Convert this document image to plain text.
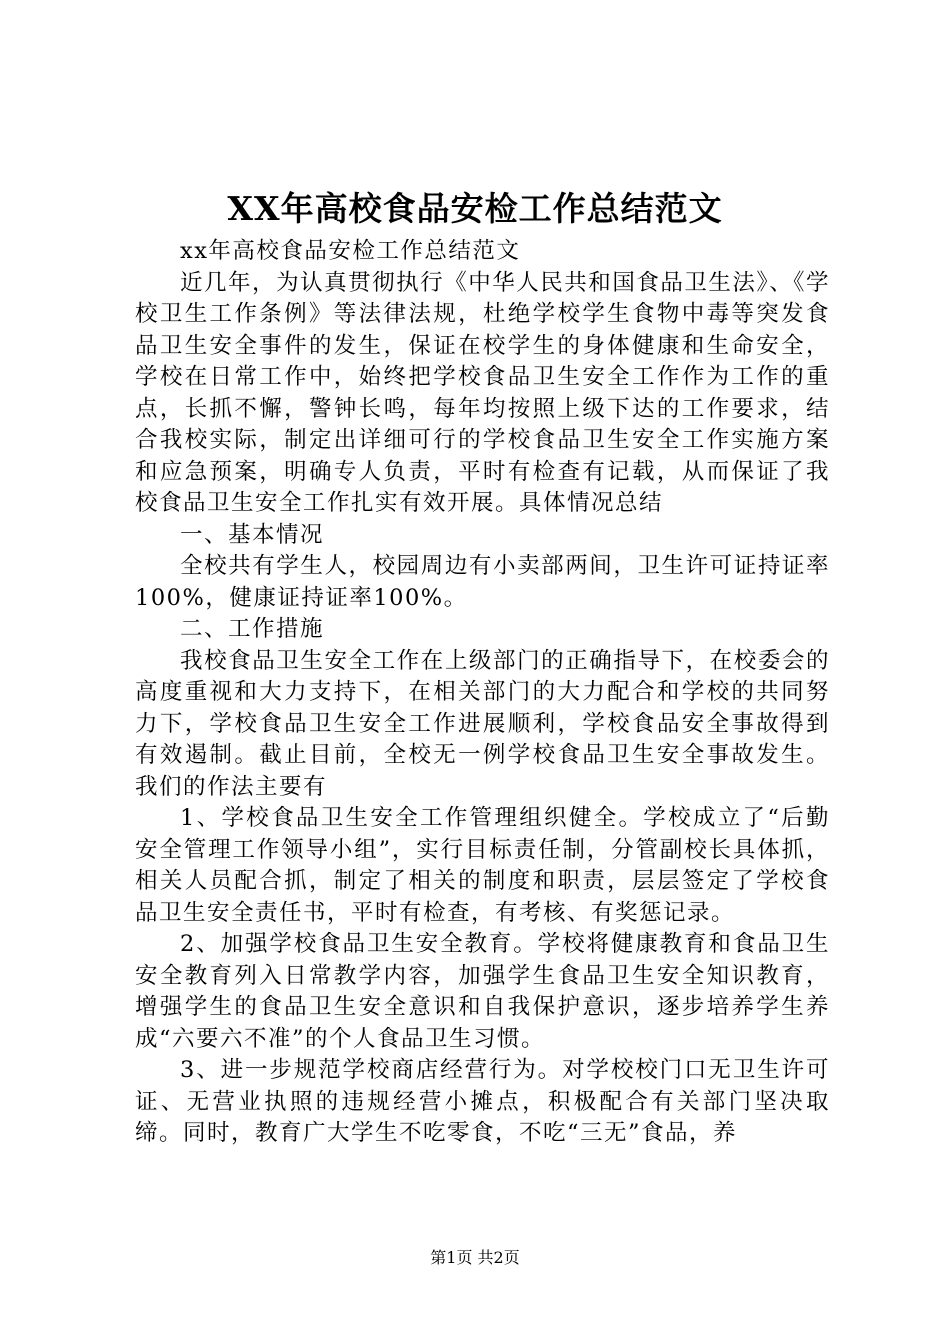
XX年高校食品安检工作总结范文

xx年高校食品安检工作总结范文

近几年，为认真贯彻执行《中华人民共和国食品卫生法》、《学校卫生工作条例》等法律法规，杜绝学校学生食物中毒等突发食品卫生安全事件的发生，保证在校学生的身体健康和生命安全，学校在日常工作中，始终把学校食品卫生安全工作作为工作的重点，长抓不懈，警钟长鸣，每年均按照上级下达的工作要求，结合我校实际，制定出详细可行的学校食品卫生安全工作实施方案和应急预案，明确专人负责，平时有检查有记载，从而保证了我校食品卫生安全工作扎实有效开展。具体情况总结

一、基本情况

全校共有学生人，校园周边有小卖部两间，卫生许可证持证率100%，健康证持证率100%。

二、工作措施

我校食品卫生安全工作在上级部门的正确指导下，在校委会的高度重视和大力支持下，在相关部门的大力配合和学校的共同努力下，学校食品卫生安全工作进展顺利，学校食品安全事故得到有效遏制。截止目前，全校无一例学校食品卫生安全事故发生。我们的作法主要有

1、学校食品卫生安全工作管理组织健全。学校成立了“后勤安全管理工作领导小组”，实行目标责任制，分管副校长具体抓，相关人员配合抓，制定了相关的制度和职责，层层签定了学校食品卫生安全责任书，平时有检查，有考核、有奖惩记录。

2、加强学校食品卫生安全教育。学校将健康教育和食品卫生安全教育列入日常教学内容，加强学生食品卫生安全知识教育，增强学生的食品卫生安全意识和自我保护意识，逐步培养学生养成“六要六不准”的个人食品卫生习惯。

3、进一步规范学校商店经营行为。对学校校门口无卫生许可证、无营业执照的违规经营小摊点，积极配合有关部门坚决取缔。同时，教育广大学生不吃零食，不吃“三无”食品，养

第1页 共2页
